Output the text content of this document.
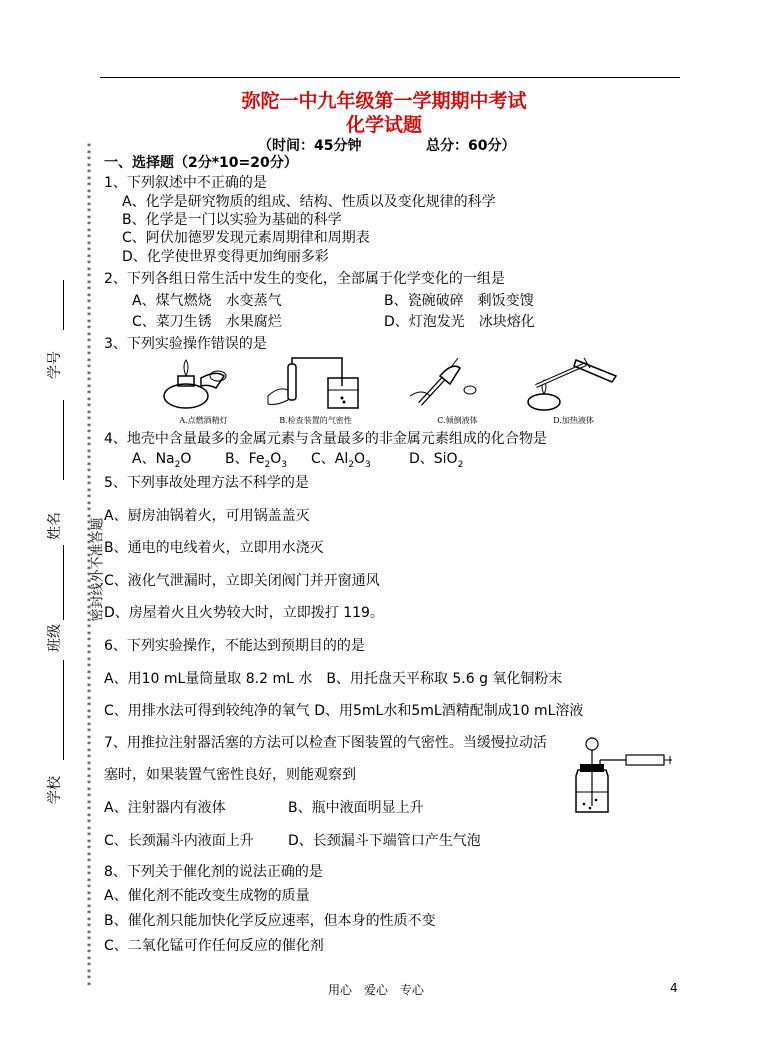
弥陀一中九年级第一学期期中考试
化学试题
（时间：45分钟	总分：60分）
*
*
*
*
*
*
*
*
*
*
*
*
*
*
*
*
*
*
*
*
*
*
*
*
*
*
*
*
*
*
*
*
*
*
*
*
*
*
*
*
*
*
*
*
*
*
*
*
*
*
*
*
*
*
*
*
*
*
*
*
*
*
*
*
*
*
*
*
*
*
*
*
*
*
*
*
*
*
*
*
*
*
*
*
*
*
*
*
*
*
*
*
*
*
*
*
*
*
*
*
*
*
*
*
*
*
*
*
*
*
*
*
*
*
*
*
*
*
*
*
*
*
*
*
*
*
*
*
*
*
密封线外不准答题
学号
姓名
班级
学校
一、选择题（2分*10=20分）
1、下列叙述中不正确的是
A、化学是研究物质的组成、结构、性质以及变化规律的科学
B、化学是一门以实验为基础的科学
C、阿伏加德罗发现元素周期律和周期表
D、化学使世界变得更加绚丽多彩
2、下列各组日常生活中发生的变化，全部属于化学变化的一组是
A、煤气燃烧　水变蒸气	B、瓷碗破碎　剩饭变馊
C、菜刀生锈　水果腐烂	D、灯泡发光　冰块熔化
3、下列实验操作错误的是
A.点燃酒精灯	B.检查装置的气密性	C.倾倒液体	D.加热液体
4、地壳中含量最多的金属元素与含量最多的非金属元素组成的化合物是
A、$Na_2O$ B、$Fe_2O_3$ C、$Al_2O_3$	D、SiO$_2$
5、下列事故处理方法不科学的是
A、厨房油锅着火，可用锅盖盖灭
B、通电的电线着火，立即用水浇灭
C、液化气泄漏时，立即关闭阀门并开窗通风
D、房屋着火且火势较大时，立即拨打 119。
6、下列实验操作，不能达到预期目的的是
A、用10 mL量筒量取 8.2 mL 水　B、用托盘天平称取 5.6 g 氧化铜粉末
C、用排水法可得到较纯净的氧气 D、用5mL水和5mL酒精配制成10 mL溶液
7、用推拉注射器活塞的方法可以检查下图装置的气密性。当缓慢拉动活
塞时，如果装置气密性良好，则能观察到
A、注射器内有液体	B、瓶中液面明显上升
C、长颈漏斗内液面上升 D、长颈漏斗下端管口产生气泡
8、下列关于催化剂的说法正确的是
A、催化剂不能改变生成物的质量
B、催化剂只能加快化学反应速率，但本身的性质不变
C、二氧化锰可作任何反应的催化剂
用心　爱心　专心	4
